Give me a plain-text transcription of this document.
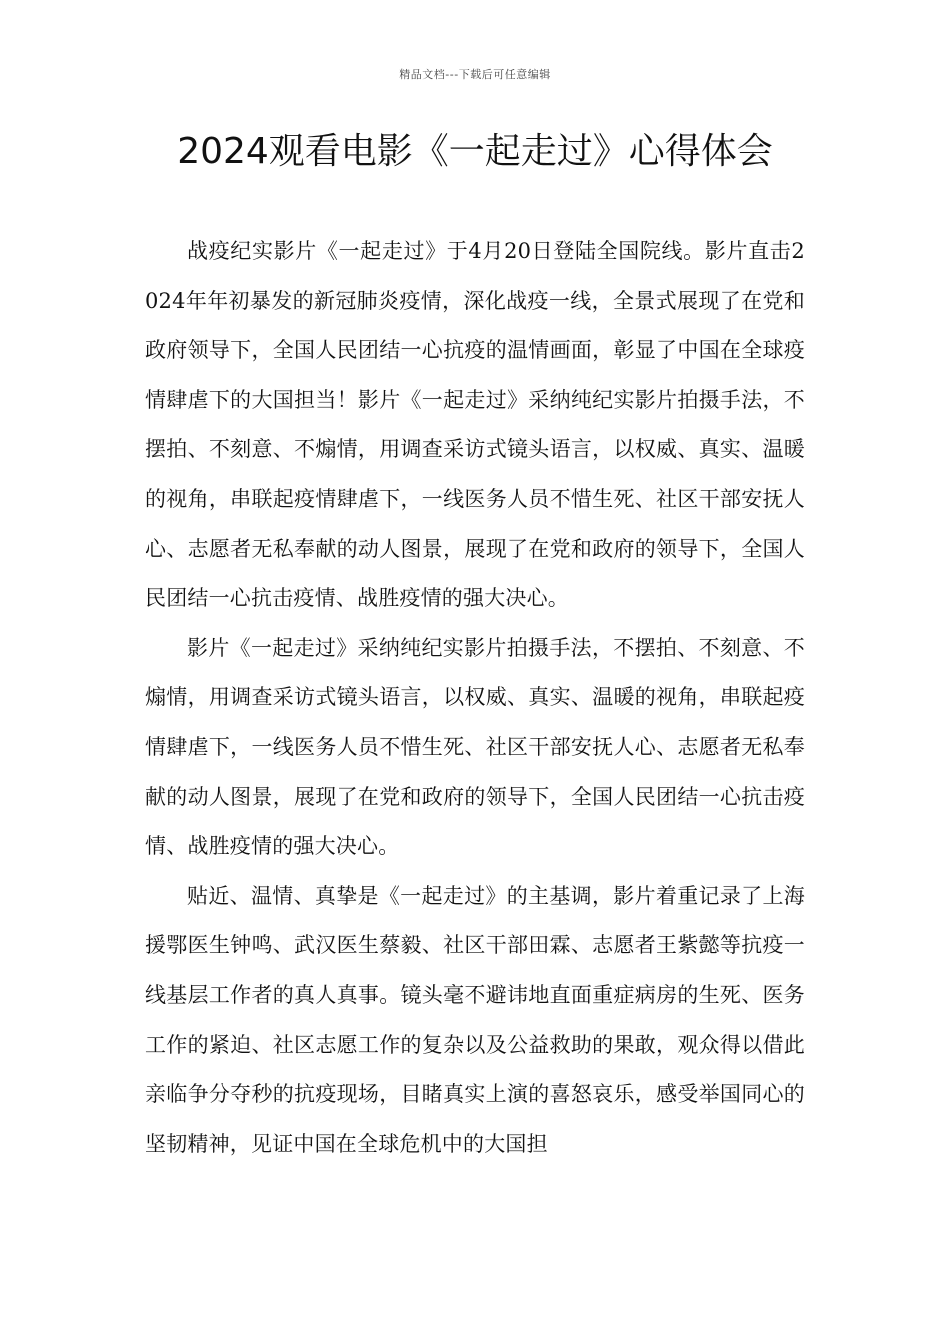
精品文档---下载后可任意编辑
2024观看电影《一起走过》心得体会

战疫纪实影片《一起走过》于4月20日登陆全国院线。影片直击2024年年初暴发的新冠肺炎疫情，深化战疫一线，全景式展现了在党和政府领导下，全国人民团结一心抗疫的温情画面，彰显了中国在全球疫情肆虐下的大国担当！影片《一起走过》采纳纯纪实影片拍摄手法，不摆拍、不刻意、不煽情，用调查采访式镜头语言，以权威、真实、温暖的视角，串联起疫情肆虐下，一线医务人员不惜生死、社区干部安抚人心、志愿者无私奉献的动人图景，展现了在党和政府的领导下，全国人民团结一心抗击疫情、战胜疫情的强大决心。

影片《一起走过》采纳纯纪实影片拍摄手法，不摆拍、不刻意、不煽情，用调查采访式镜头语言，以权威、真实、温暖的视角，串联起疫情肆虐下，一线医务人员不惜生死、社区干部安抚人心、志愿者无私奉献的动人图景，展现了在党和政府的领导下，全国人民团结一心抗击疫情、战胜疫情的强大决心。

贴近、温情、真挚是《一起走过》的主基调，影片着重记录了上海援鄂医生钟鸣、武汉医生蔡毅、社区干部田霖、志愿者王紫懿等抗疫一线基层工作者的真人真事。镜头毫不避讳地直面重症病房的生死、医务工作的紧迫、社区志愿工作的复杂以及公益救助的果敢，观众得以借此亲临争分夺秒的抗疫现场，目睹真实上演的喜怒哀乐，感受举国同心的坚韧精神，见证中国在全球危机中的大国担
